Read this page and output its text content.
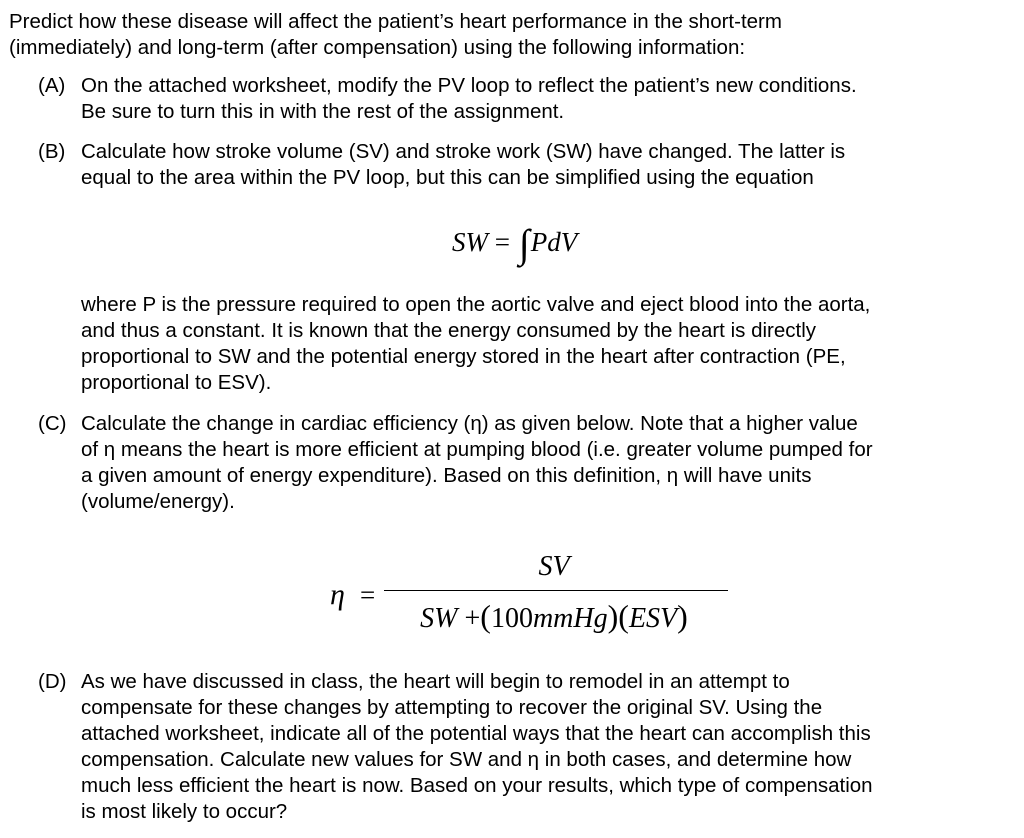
Predict how these disease will affect the patient’s heart performance in the short-term
(immediately) and long-term (after compensation) using the following information:
(A) On the attached worksheet, modify the PV loop to reflect the patient’s new conditions.
Be sure to turn this in with the rest of the assignment.
(B) Calculate how stroke volume (SV) and stroke work (SW) have changed. The latter is
equal to the area within the PV loop, but this can be simplified using the equation
SW = ∫PdV
where P is the pressure required to open the aortic valve and eject blood into the aorta,
and thus a constant. It is known that the energy consumed by the heart is directly
proportional to SW and the potential energy stored in the heart after contraction (PE,
proportional to ESV).
(C) Calculate the change in cardiac efficiency (η) as given below. Note that a higher value
of η means the heart is more efficient at pumping blood (i.e. greater volume pumped for
a given amount of energy expenditure). Based on this definition, η will have units
(volume/energy).
η =
SV
SW +(100mmHg)(ESV)
(D) As we have discussed in class, the heart will begin to remodel in an attempt to
compensate for these changes by attempting to recover the original SV. Using the
attached worksheet, indicate all of the potential ways that the heart can accomplish this
compensation. Calculate new values for SW and η in both cases, and determine how
much less efficient the heart is now. Based on your results, which type of compensation
is most likely to occur?
